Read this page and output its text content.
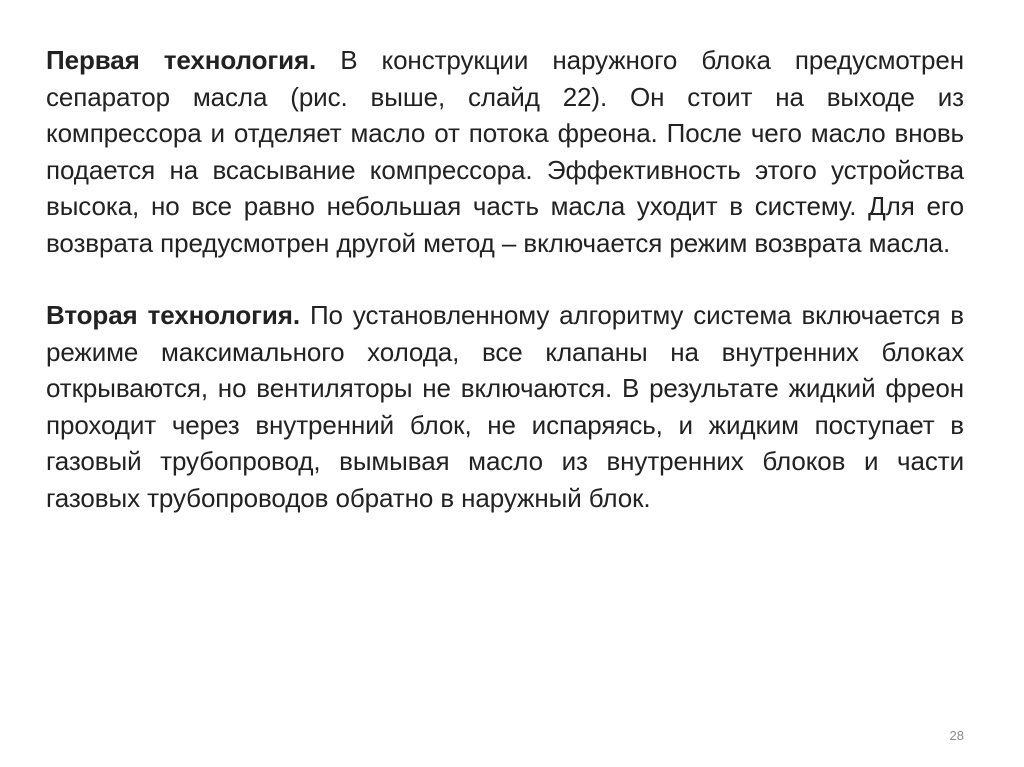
Первая технология. В конструкции наружного блока предусмотрен сепаратор масла (рис. выше, слайд 22). Он стоит на выходе из компрессора и отделяет масло от потока фреона. После чего масло вновь подается на всасывание компрессора. Эффективность этого устройства высока, но все равно небольшая часть масла уходит в систему. Для его возврата предусмотрен другой метод – включается режим возврата масла.

Вторая технология. По установленному алгоритму система включается в режиме максимального холода, все клапаны на внутренних блоках открываются, но вентиляторы не включаются. В результате жидкий фреон проходит через внутренний блок, не испаряясь, и жидким поступает в газовый трубопровод, вымывая масло из внутренних блоков и части газовых трубопроводов обратно в наружный блок.

28
